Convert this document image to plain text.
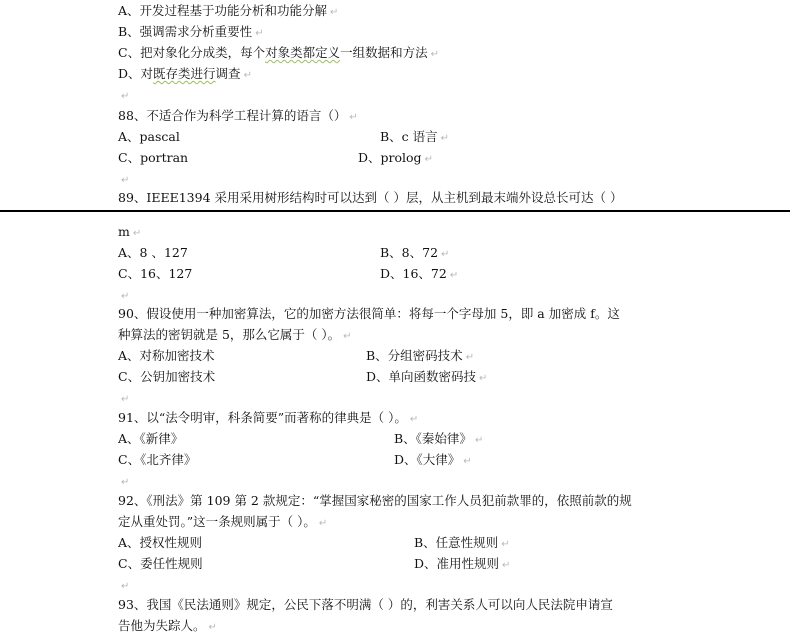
A、开发过程基于功能分析和功能分解 ↵
B、强调需求分析重要性 ↵
C、把对象化分成类，每个对象类都定义一组数据和方法 ↵
D、对既存类进行调查 ↵
↵
88、不适合作为科学工程计算的语言（） ↵
A、pascal	B、c 语言 ↵
C、portran	D、prolog ↵
↵
89、IEEE1394 采用采用树形结构时可以达到（ ）层，从主机到最末端外设总长可达（ ）
m ↵
A、8 、127	B、8、72 ↵
C、16、127	D、16、72 ↵
↵
90、假设使用一种加密算法，它的加密方法很简单：将每一个字母加 5，即 a 加密成 f。这
种算法的密钥就是 5，那么它属于（ ）。 ↵
A、对称加密技术	B、分组密码技术 ↵
C、公钥加密技术	D、单向函数密码技 ↵
↵
91、以“法令明审，科条简要”而著称的律典是（ ）。 ↵
A、《新律》	B、《秦始律》 ↵
C、《北齐律》	D、《大律》 ↵
↵
92、《刑法》第 109 第 2 款规定：“掌握国家秘密的国家工作人员犯前款罪的，依照前款的规
定从重处罚。”这一条规则属于（ ）。 ↵
A、授权性规则	B、任意性规则 ↵
C、委任性规则	D、准用性规则 ↵
↵
93、我国《民法通则》规定，公民下落不明满（ ）的，利害关系人可以向人民法院申请宣
告他为失踪人。 ↵
